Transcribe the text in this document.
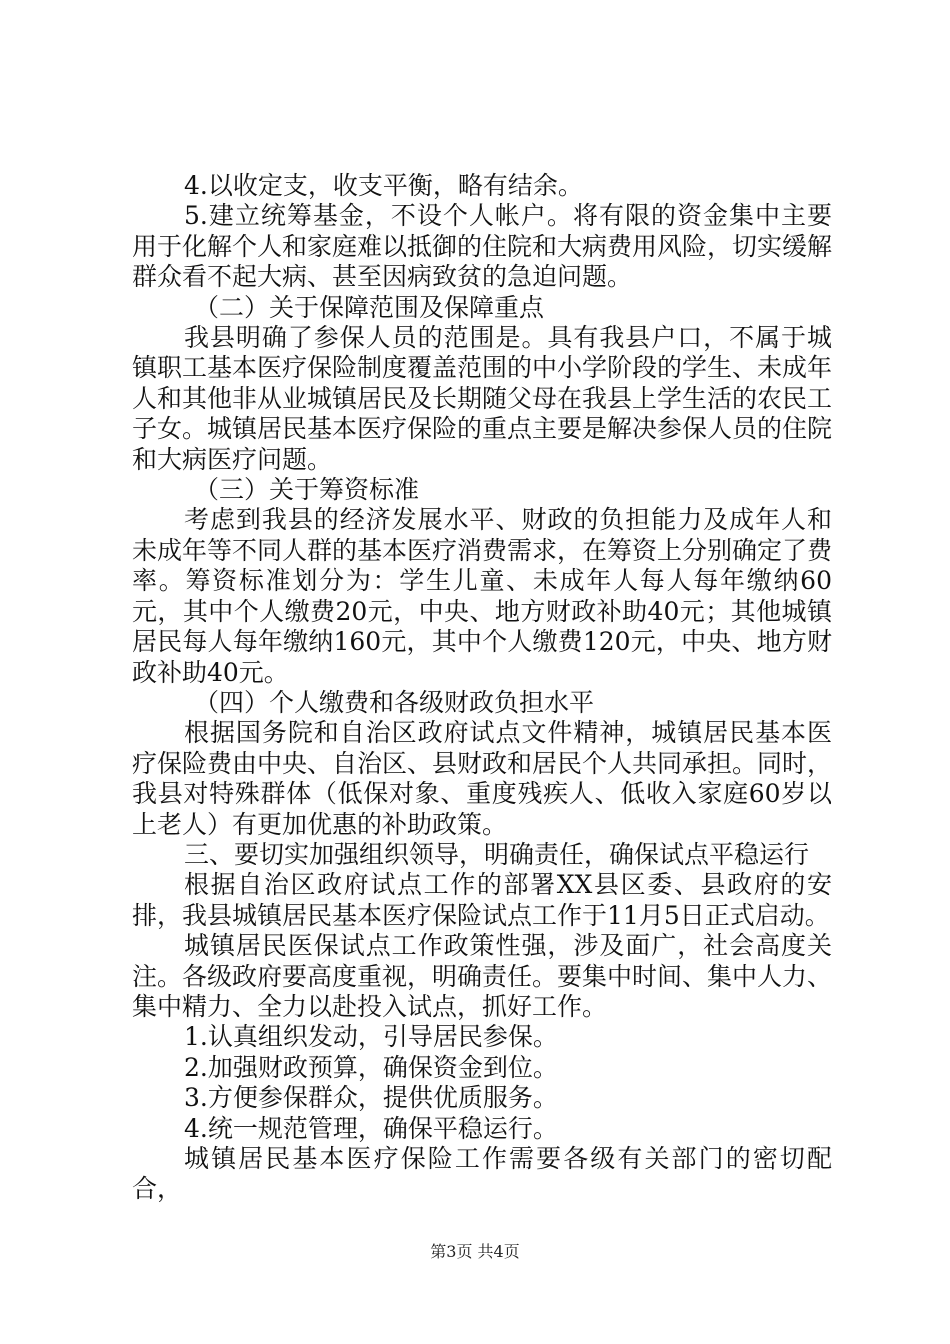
4.以收定支，收支平衡，略有结余。

5.建立统筹基金，不设个人帐户。将有限的资金集中主要用于化解个人和家庭难以抵御的住院和大病费用风险，切实缓解群众看不起大病、甚至因病致贫的急迫问题。

（二）关于保障范围及保障重点

我县明确了参保人员的范围是。具有我县户口，不属于城镇职工基本医疗保险制度覆盖范围的中小学阶段的学生、未成年人和其他非从业城镇居民及长期随父母在我县上学生活的农民工子女。城镇居民基本医疗保险的重点主要是解决参保人员的住院和大病医疗问题。

（三）关于筹资标准

考虑到我县的经济发展水平、财政的负担能力及成年人和未成年等不同人群的基本医疗消费需求，在筹资上分别确定了费率。筹资标准划分为：学生儿童、未成年人每人每年缴纳60元，其中个人缴费20元，中央、地方财政补助40元；其他城镇居民每人每年缴纳160元，其中个人缴费120元，中央、地方财政补助40元。

（四）个人缴费和各级财政负担水平

根据国务院和自治区政府试点文件精神，城镇居民基本医疗保险费由中央、自治区、县财政和居民个人共同承担。同时，我县对特殊群体（低保对象、重度残疾人、低收入家庭60岁以上老人）有更加优惠的补助政策。

三、要切实加强组织领导，明确责任，确保试点平稳运行

根据自治区政府试点工作的部署XX县区委、县政府的安排，我县城镇居民基本医疗保险试点工作于11月5日正式启动。

城镇居民医保试点工作政策性强，涉及面广，社会高度关注。各级政府要高度重视，明确责任。要集中时间、集中人力、集中精力、全力以赴投入试点，抓好工作。

1.认真组织发动，引导居民参保。

2.加强财政预算，确保资金到位。

3.方便参保群众，提供优质服务。

4.统一规范管理，确保平稳运行。

城镇居民基本医疗保险工作需要各级有关部门的密切配合，

第3页 共4页
